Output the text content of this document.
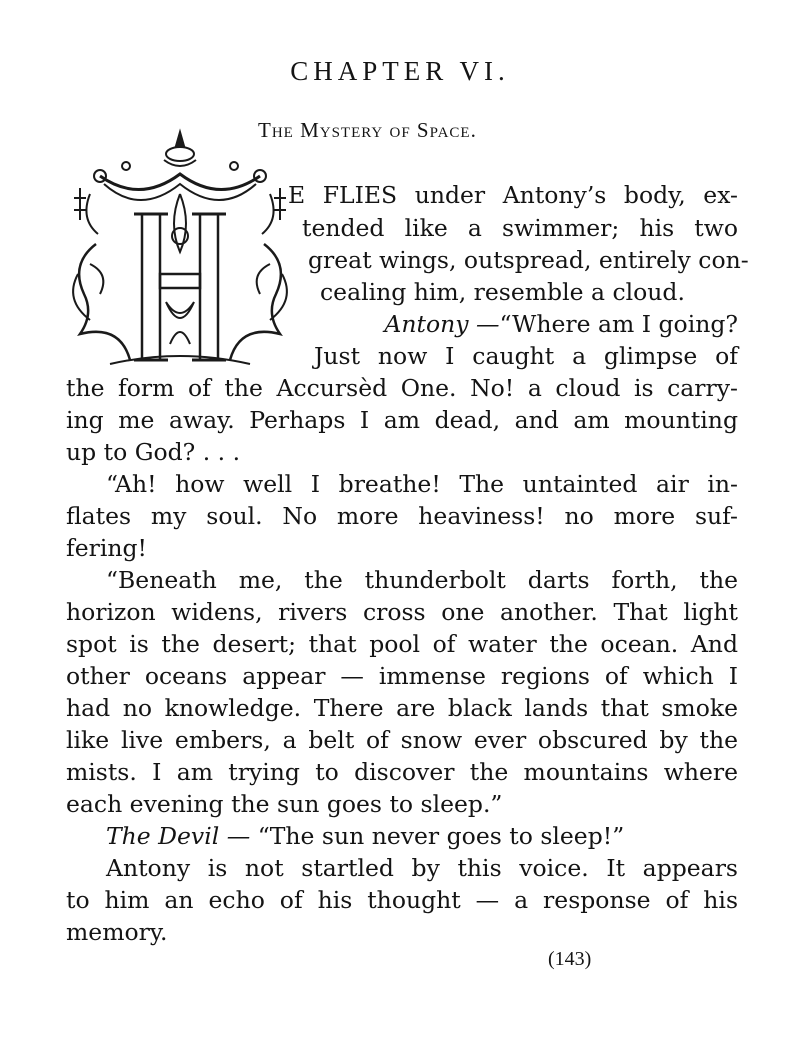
CHAPTER VI.
The Mystery of Space.
E FLIES under Antony’s body, ex-
tended like a swimmer; his two
great wings, outspread, entirely con-
cealing him, resemble a cloud.
Antony —“Where am I going?
Just now I caught a glimpse of
the form of the Accursèd One. No! a cloud is carry-
ing me away. Perhaps I am dead, and am mounting
up to God? . . .
“Ah! how well I breathe! The untainted air in-
flates my soul. No more heaviness! no more suf-
fering!
“Beneath me, the thunderbolt darts forth, the
horizon widens, rivers cross one another. That light
spot is the desert; that pool of water the ocean. And
other oceans appear — immense regions of which I
had no knowledge. There are black lands that smoke
like live embers, a belt of snow ever obscured by the
mists. I am trying to discover the mountains where
each evening the sun goes to sleep.”
The Devil — “The sun never goes to sleep!”
Antony is not startled by this voice. It appears
to him an echo of his thought — a response of his
memory.
(143)
